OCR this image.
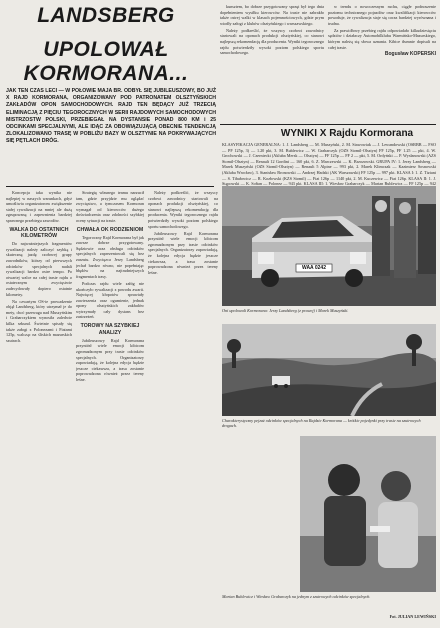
LANDSBERG
UPOLOWAŁ KORMORANA...
JAK TEN CZAS LECI — W POŁOWIE MAJA BR. ODBYŁ SIĘ JUBILEUSZOWY, BO JUŻ X RAJD KORMORANA, ORGANIZOWANY POD PATRONATEM OLSZTYŃSKICH ZAKŁADÓW OPON SAMOCHODOWYCH. RAJD TEN BĘDĄCY JUŻ TRZECIĄ ELIMINACJĄ Z PIĘCIU TEGOROCZNYCH W SERII RAJDOWYCH SAMOCHODOWYCH MISTRZOSTW POLSKI, PRZEBIEGAŁ NA DYSTANSIE PONAD 800 KM i 25 ODCINKAMI SPECJALNYMI, ALE IDĄC ZA OBOWIĄZUJĄCĄ OBECNIE TENDENCJĄ ZLOKALIZOWANO TRASĘ W POBLIŻU BAZY W OLSZTYNIE NA POKRYWAJĄCYCH SIĘ PĘTLACH DRÓG.

Koncepcja taka wynika nie najlepiej w naszych warunkach, gdyż umożliwia organizatorom zwiększenie stałej rywalizacji na mniej ale dużą zgrupowaną i zapewnienia bardziej sprawnego przebiegu zawodów.

WALKA DO OSTATNICH KILOMETRÓW

Do najważniejszych fragmentów rywalizacji należy zaliczyć szybką i skuteczną jazdę czołowej grupy zawodników, którzy od pierwszych odcinków specjalnych nadali rywalizacji bardzo ostre tempo. Po otwartej walce na całej trasie rajdu o ostatecznym zwycięstwie zadecydowały dopiero ostatnie kilometry.

Na czwartym OS-ie prowadzenie objął Landsberg, który utrzymał je do mety, choć przewaga nad Muszyńskim i Grabarczykiem wynosiła zaledwie kilka sekund. Świetnie spisały się także załogi z Polonezami i Fiatami 125p, walcząc na śliskich mazurskich szutrach.

Strategię własnego teamu narzucił tam, gdzie przyjdzie mu oglądać zwycięstwo, a tymczasem Kormoran wymagał od kierowców dużego doświadczenia oraz zdolności szybkiej oceny sytuacji na trasie.

CHWAŁA OK RODZIENIOM

Tegoroczny Rajd Kormorana był jak zawsze dobrze przygotowany. Sędziowie oraz obsługa odcinków specjalnych zaprezentowali się bez zarzutu. Zwycięzca Jerzy Landsberg jechał bardzo równo, nie popełniając błędów na najtrudniejszych fragmentach trasy.

Podczas rajdu wiele załóg nie ukończyło rywalizacji z powodu awarii. Najwięcej kłopotów sprawiały zawieszenia oraz ogumienie, jednak opony olsztyńskich zakładów wytrzymały cały dystans bez zastrzeżeń.

TOROWY NA SZYBKIEJ ANALIZY

Jubileuszowy Rajd Kormorana przyniósł wiele emocji kibicom zgromadzonym przy trasie odcinków specjalnych. Organizatorzy zapowiadają, że kolejna edycja będzie jeszcze ciekawsza, a trasa zostanie poprowadzona również przez tereny leśne.

kunsztem, bo dobrze przygotowany sprzęt był tego dnia dopełnieniem wysiłku kierowców. Na trasie nie zabrakło także ostrej walki w klasach pojemnościowych, gdzie prym wiodły załogi z klubów olsztyńskiego i warszawskiego.

Należy podkreślić, że wszyscy czołowi zawodnicy startowali na oponach produkcji olsztyńskiej, co stanowi najlepszą rekomendację dla producenta. Wyniki tegorocznego rajdu potwierdziły wysoki poziom polskiego sportu samochodowego.

w trendu o nowoczesnym ruchu, ciągłe podnoszenie poziomu technicznego pojazdów oraz kwalifikacji kierowców powoduje, że rywalizacja staje się coraz bardziej wyrównana i trudna.

Za prawidłowy przebieg rajdu odpowiadało kilkudziesięciu sędziów i działaczy Automobilklubu Warmińsko-Mazurskiego, którym należą się słowa uznania. Kibice tłumnie dopisali na całej trasie.

Bogusław KOPERSKI
WYNIKI X Rajdu Kormorana
KLASYFIKACJA GENERALNA: 1. J. Landsberg — M. Muszyński, 2. M. Stawowiak — J. Lewandowski (OSRBB — FSO — PF 125p, 3) — 1.20 pkt, 3. M. Bublewicz — W. Grabarczyk (OZS Stomil-Olsztyn) FF 125p, FF 1.25 — pkt, 4. W. Grochowski — J. Czerniecki (Akluba Mersk — Olsztyn) — FF 125p — FF 2 — pkt, 5. M. Ordyński — P. Wysłanowski (AZS Stomil-Olsztyn) — Renault 12 Gordini — 160 pkt, 6. Z. Marczewski — K. Brzozowski. GRUPA IV: 1. Jerzy Landsberg — Marek Muszyński (OZS Stomil-Olsztyn) — Renault 5 Alpine — 993 pkt, 2. Marek Klimczak — Kazimierz Sosnowski (Akluba Wrocław), 3. Stanisław Bronowski — Andrzej Hadzki (AK Warszawski) FF 125p — 997 pkt. KLASA I: 1. Z. Tiziani — S. Tibałowicz — R. Kozłowski (KZS Stomil) — Fiat 126p — 1140 pkt, 2. M. Kuczewicz — Fiat 126p. KLASA II: 1. J. Stąpowski — K. Sołtan — Polonez — 943 pkt. KLASA III: 1. Wiesław Grabarczyk — Marian Bublewicz — FF 125p — 942
WAA 0242
Oni upolowali Kormorana: Jerzy Landsberg (z prawej) i Marek Muszyński.
Charakterystyczny pejzaż odcinków specjalnych na Rajdzie Kormorana — krótkie pojedynki przy trasie na szutrowych drogach.
Marian Bublewicz i Wiesław Grabarczyk na jednym z szutrowych odcinków specjalnych.
Fot. JULIAN LEWIŃSKI

Należy podkreślić, że wszyscy czołowi zawodnicy startowali na oponach produkcji olsztyńskiej, co stanowi najlepszą rekomendację dla producenta. Wyniki tegorocznego rajdu potwierdziły wysoki poziom polskiego sportu samochodowego.

Jubileuszowy Rajd Kormorana przyniósł wiele emocji kibicom zgromadzonym przy trasie odcinków specjalnych. Organizatorzy zapowiadają, że kolejna edycja będzie jeszcze ciekawsza, a trasa zostanie poprowadzona również przez tereny leśne.
